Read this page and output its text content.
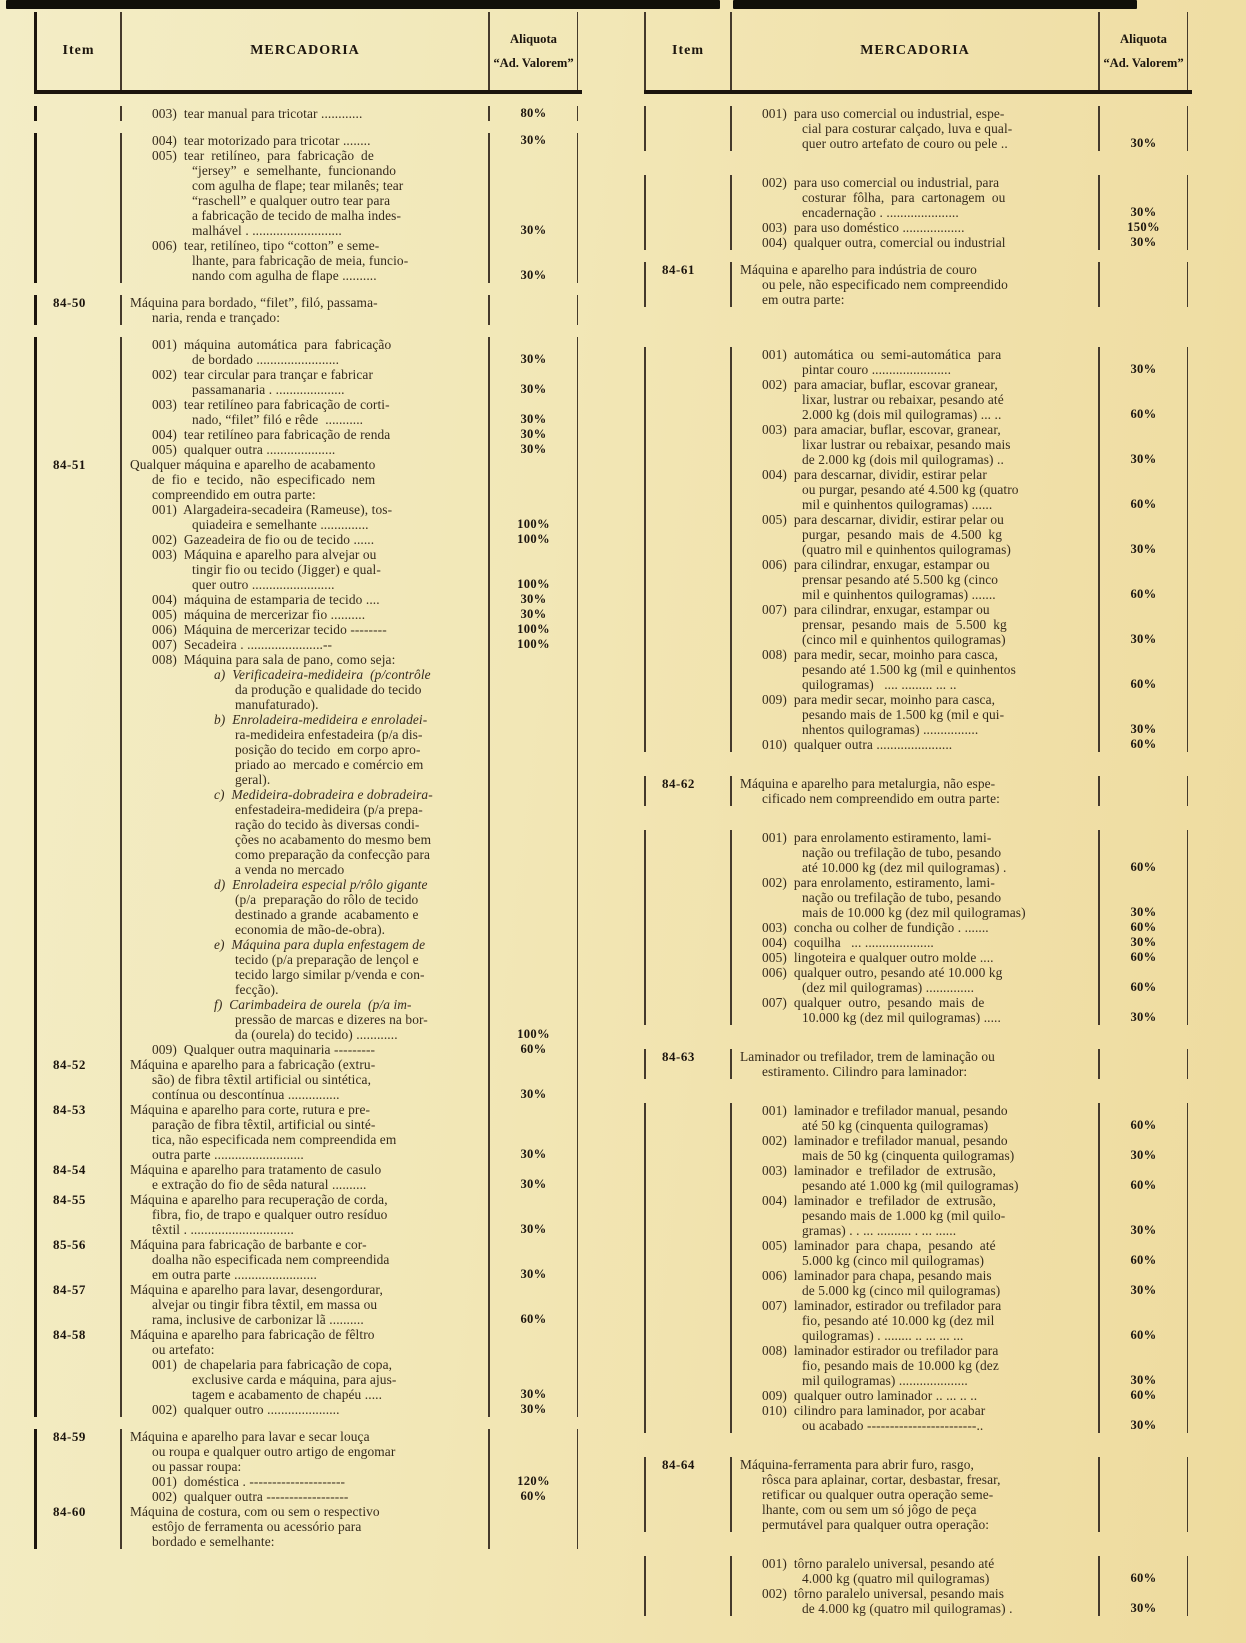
Item	MERCADORIA
Aliquota
“Ad. Valorem”
003)  tear manual para tricotar ............	80%
004)  tear motorizado para tricotar ........	30%
005)  tear  retilíneo,  para  fabricação  de
“jersey”  e  semelhante,  funcionando
com agulha de flape; tear milanês; tear
“raschell” e qualquer outro tear para
a fabricação de tecido de malha indes-
malhável . ..........................	30%
006)  tear, retilíneo, tipo “cotton” e seme-
lhante, para fabricação de meia, funcio-
nando com agulha de flape ..........	30%
84-50	Máquina para bordado, “filet”, filó, passama-
naria, renda e trançado:
001)  máquina  automática  para  fabricação
de bordado ........................	30%
002)  tear circular para trançar e fabricar
passamanaria . ....................	30%
003)  tear retilíneo para fabricação de corti-
nado, “filet” filó e rêde  ...........	30%
004)  tear retilíneo para fabricação de renda	30%
005)  qualquer outra ....................	30%
84-51	Qualquer máquina e aparelho de acabamento
de  fio  e  tecido,  não  especificado  nem
compreendido em outra parte:
001)  Alargadeira-secadeira (Rameuse), tos-
quiadeira e semelhante ..............	100%
002)  Gazeadeira de fio ou de tecido ......	100%
003)  Máquina e aparelho para alvejar ou
tingir fio ou tecido (Jigger) e qual-
quer outro ........................	100%
004)  máquina de estamparia de tecido ....	30%
005)  máquina de mercerizar fio ..........	30%
006)  Máquina de mercerizar tecido --------	100%
007)  Secadeira . ......................--	100%
008)  Máquina para sala de pano, como seja:
a)  Verificadeira-medideira  (p/contrôle
da produção e qualidade do tecido
manufaturado).
b)  Enroladeira-medideira e enroladei-
ra-medideira enfestadeira (p/a dis-
posição do tecido  em corpo apro-
priado ao  mercado e comércio em
geral).
c)  Medideira-dobradeira e dobradeira-
enfestadeira-medideira (p/a prepa-
ração do tecido às diversas condi-
ções no acabamento do mesmo bem
como preparação da confecção para
a venda no mercado
d)  Enroladeira especial p/rôlo gigante
(p/a  preparação do rôlo de tecido
destinado a grande  acabamento e
economia de mão-de-obra).
e)  Máquina para dupla enfestagem de
tecido (p/a preparação de lençol e
tecido largo similar p/venda e con-
fecção).
f)  Carimbadeira de ourela  (p/a im-
pressão de marcas e dizeres na bor-
da (ourela) do tecido) ............	100%
009)  Qualquer outra maquinaria ---------	60%
84-52	Máquina e aparelho para a fabricação (extru-
são) de fibra têxtil artificial ou sintética,
contínua ou descontínua ...............	30%
84-53	Máquina e aparelho para corte, rutura e pre-
paração de fibra têxtil, artificial ou sinté-
tica, não especificada nem compreendida em
outra parte ..........................	30%
84-54	Máquina e aparelho para tratamento de casulo
e extração do fio de sêda natural ..........	30%
84-55	Máquina e aparelho para recuperação de corda,
fibra, fio, de trapo e qualquer outro resíduo
têxtil . ..............................	30%
85-56	Máquina para fabricação de barbante e cor-
doalha não especificada nem compreendida
em outra parte ........................	30%
84-57	Máquina e aparelho para lavar, desengordurar,
alvejar ou tingir fibra têxtil, em massa ou
rama, inclusive de carbonizar lã ..........	60%
84-58	Máquina e aparelho para fabricação de fêltro
ou artefato:
001)  de chapelaria para fabricação de copa,
exclusive carda e máquina, para ajus-
tagem e acabamento de chapéu .....	30%
002)  qualquer outro .....................	30%
84-59	Máquina e aparelho para lavar e secar louça
ou roupa e qualquer outro artigo de engomar
ou passar roupa:
001)  doméstica . ---------------------	120%
002)  qualquer outra ------------------	60%
84-60	Máquina de costura, com ou sem o respectivo
estôjo de ferramenta ou acessório para
bordado e semelhante:
Item	MERCADORIA
Aliquota
“Ad. Valorem”
001)  para uso comercial ou industrial, espe-
cial para costurar calçado, luva e qual-
quer outro artefato de couro ou pele ..	30%
002)  para uso comercial ou industrial, para
costurar  fôlha,  para  cartonagem  ou
encadernação . .....................	30%
003)  para uso doméstico ..................	150%
004)  qualquer outra, comercial ou industrial	30%
84-61	Máquina e aparelho para indústria de couro
ou pele, não especificado nem compreendido
em outra parte:
001)  automática  ou  semi-automática  para
pintar couro .......................	30%
002)  para amaciar, buflar, escovar granear,
lixar, lustrar ou rebaixar, pesando até
2.000 kg (dois mil quilogramas) ... ..	60%
003)  para amaciar, buflar, escovar, granear,
lixar lustrar ou rebaixar, pesando mais
de 2.000 kg (dois mil quilogramas) ..	30%
004)  para descarnar, dividir, estirar pelar
ou purgar, pesando até 4.500 kg (quatro
mil e quinhentos quilogramas) ......	60%
005)  para descarnar, dividir, estirar pelar ou
purgar,  pesando  mais  de  4.500  kg
(quatro mil e quinhentos quilogramas)	30%
006)  para cilindrar, enxugar, estampar ou
prensar pesando até 5.500 kg (cinco
mil e quinhentos quilogramas) .......	60%
007)  para cilindrar, enxugar, estampar ou
prensar,  pesando  mais  de  5.500  kg
(cinco mil e quinhentos quilogramas)	30%
008)  para medir, secar, moinho para casca,
pesando até 1.500 kg (mil e quinhentos
quilogramas)   .... ......... ... ..	60%
009)  para medir secar, moinho para casca,
pesando mais de 1.500 kg (mil e qui-
nhentos quilogramas) ................	30%
010)  qualquer outra ......................	60%
84-62	Máquina e aparelho para metalurgia, não espe-
cificado nem compreendido em outra parte:
001)  para enrolamento estiramento, lami-
nação ou trefilação de tubo, pesando
até 10.000 kg (dez mil quilogramas) .	60%
002)  para enrolamento, estiramento, lami-
nação ou trefilação de tubo, pesando
mais de 10.000 kg (dez mil quilogramas)	30%
003)  concha ou colher de fundição . .......	60%
004)  coquilha   ... ....................	30%
005)  lingoteira e qualquer outro molde ....	60%
006)  qualquer outro, pesando até 10.000 kg
(dez mil quilogramas) ..............	60%
007)  qualquer  outro,  pesando  mais  de
10.000 kg (dez mil quilogramas) .....	30%
84-63	Laminador ou trefilador, trem de laminação ou
estiramento. Cilindro para laminador:
001)  laminador e trefilador manual, pesando
até 50 kg (cinquenta quilogramas)	60%
002)  laminador e trefilador manual, pesando
mais de 50 kg (cinquenta quilogramas)	30%
003)  laminador  e  trefilador  de  extrusão,
pesando até 1.000 kg (mil quilogramas)	60%
004)  laminador  e  trefilador  de  extrusão,
pesando mais de 1.000 kg (mil quilo-
gramas) . . ... .......... . ... ......	30%
005)  laminador  para  chapa,  pesando  até
5.000 kg (cinco mil quilogramas)	60%
006)  laminador para chapa, pesando mais
de 5.000 kg (cinco mil quilogramas)	30%
007)  laminador, estirador ou trefilador para
fio, pesando até 10.000 kg (dez mil
quilogramas) . ........ .. ... ... ...	60%
008)  laminador estirador ou trefilador para
fio, pesando mais de 10.000 kg (dez
mil quilogramas) ....................	30%
009)  qualquer outro laminador .. ... .. ..	60%
010)  cilindro para laminador, por acabar
ou acabado ------------------------..	30%
84-64	Máquina-ferramenta para abrir furo, rasgo,
rôsca para aplainar, cortar, desbastar, fresar,
retificar ou qualquer outra operação seme-
lhante, com ou sem um só jôgo de peça
permutável para qualquer outra operação:
001)  tôrno paralelo universal, pesando até
4.000 kg (quatro mil quilogramas)	60%
002)  tôrno paralelo universal, pesando mais
de 4.000 kg (quatro mil quilogramas) .	30%
